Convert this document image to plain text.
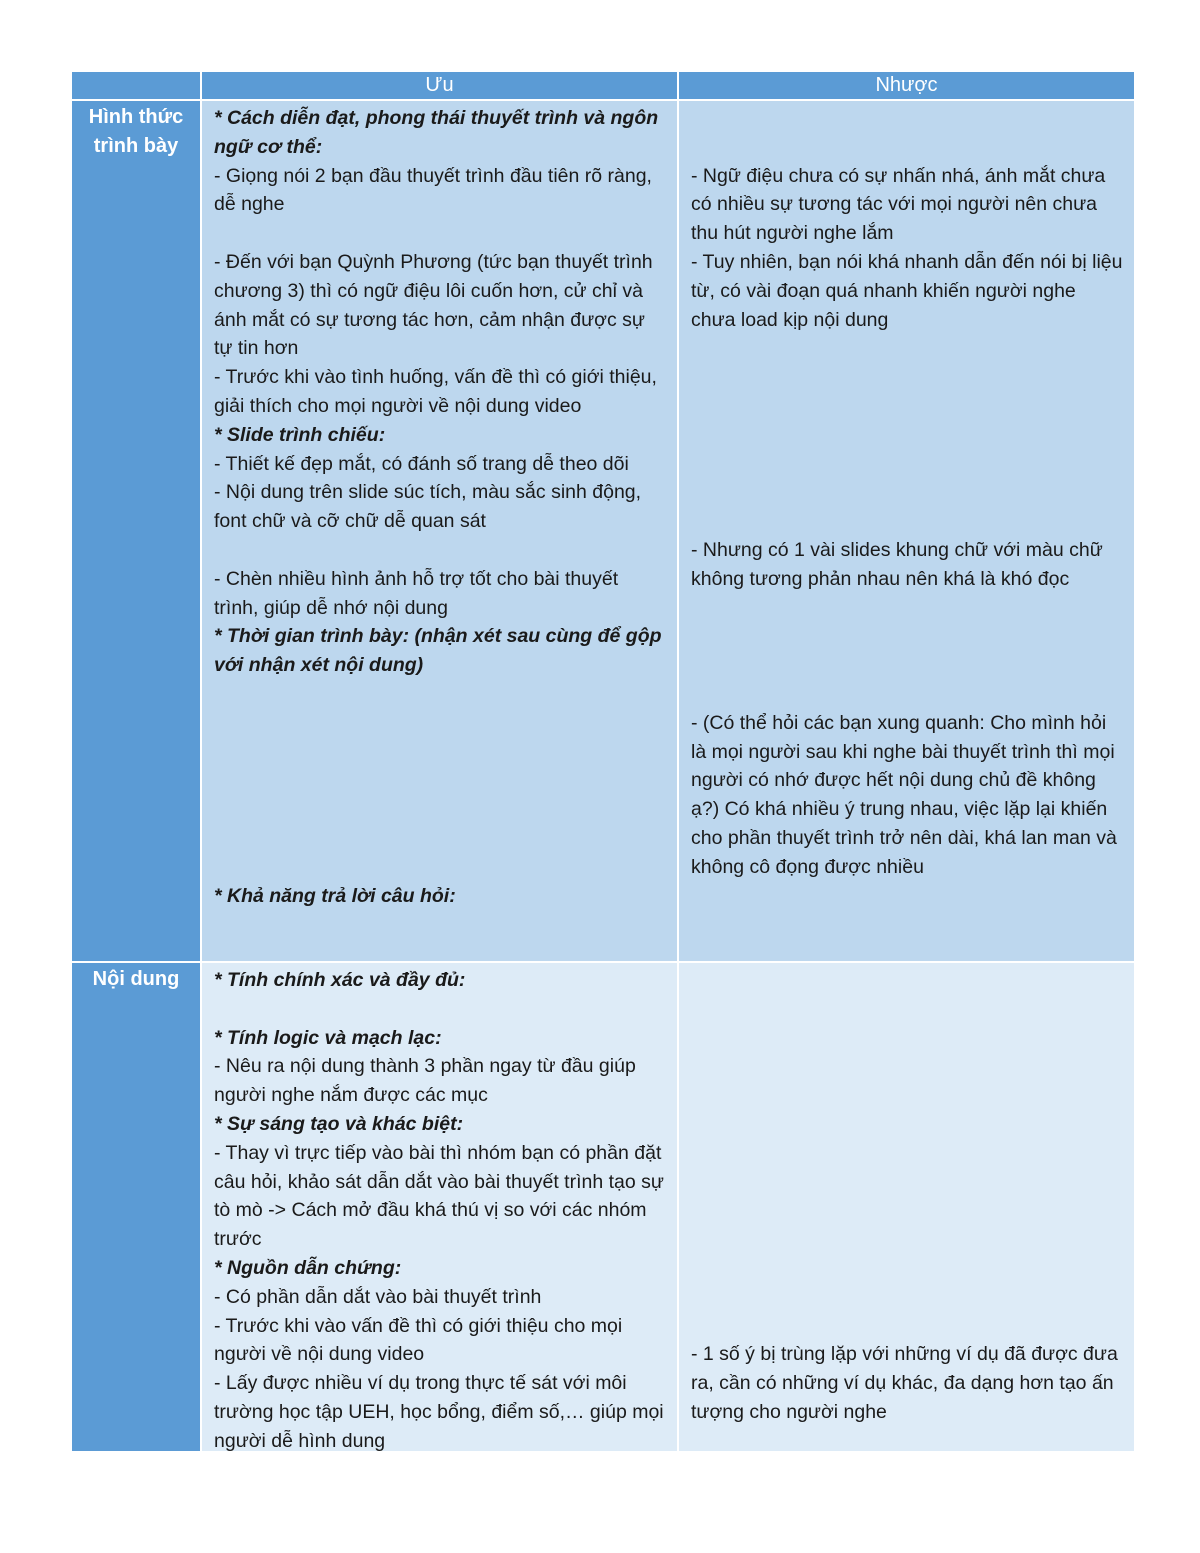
Ưu	Nhược
Hình thức trình bày
* Cách diễn đạt, phong thái thuyết trình và ngôn ngữ cơ thể:
- Giọng nói 2 bạn đầu thuyết trình đầu tiên rõ ràng, dễ nghe
- Đến với bạn Quỳnh Phương (tức bạn thuyết trình chương 3) thì có ngữ điệu lôi cuốn hơn, cử chỉ và ánh mắt có sự tương tác hơn, cảm nhận được sự tự tin hơn
- Trước khi vào tình huống, vấn đề thì có giới thiệu, giải thích cho mọi người về nội dung video
* Slide trình chiếu:
- Thiết kế đẹp mắt, có đánh số trang dễ theo dõi
- Nội dung trên slide súc tích, màu sắc sinh động, font chữ và cỡ chữ dễ quan sát
- Chèn nhiều hình ảnh hỗ trợ tốt cho bài thuyết trình, giúp dễ nhớ nội dung
* Thời gian trình bày: (nhận xét sau cùng để gộp với nhận xét nội dung)
* Khả năng trả lời câu hỏi:
- Ngữ điệu chưa có sự nhấn nhá, ánh mắt chưa có nhiều sự tương tác với mọi người nên chưa thu hút người nghe lắm
- Tuy nhiên, bạn nói khá nhanh dẫn đến nói bị liệu từ, có vài đoạn quá nhanh khiến người nghe chưa load kịp nội dung
- Nhưng có 1 vài slides khung chữ với màu chữ không tương phản nhau nên khá là khó đọc
- (Có thể hỏi các bạn xung quanh: Cho mình hỏi là mọi người sau khi nghe bài thuyết trình thì mọi người có nhớ được hết nội dung chủ đề không ạ?) Có khá nhiều ý trung nhau, việc lặp lại khiến cho phần thuyết trình trở nên dài, khá lan man và không cô đọng được nhiều
Nội dung	* Tính chính xác và đầy đủ:
* Tính logic và mạch lạc:
- Nêu ra nội dung thành 3 phần ngay từ đầu giúp người nghe nắm được các mục
* Sự sáng tạo và khác biệt:
- Thay vì trực tiếp vào bài thì nhóm bạn có phần đặt câu hỏi, khảo sát dẫn dắt vào bài thuyết trình tạo sự tò mò -> Cách mở đầu khá thú vị so với các nhóm trước
* Nguồn dẫn chứng:
- Có phần dẫn dắt vào bài thuyết trình
- Trước khi vào vấn đề thì có giới thiệu cho mọi người về nội dung video
- Lấy được nhiều ví dụ trong thực tế sát với môi trường học tập UEH, học bổng, điểm số,… giúp mọi người dễ hình dung
- 1 số ý bị trùng lặp với những ví dụ đã được đưa ra, cần có những ví dụ khác, đa dạng hơn tạo ấn tượng cho người nghe
